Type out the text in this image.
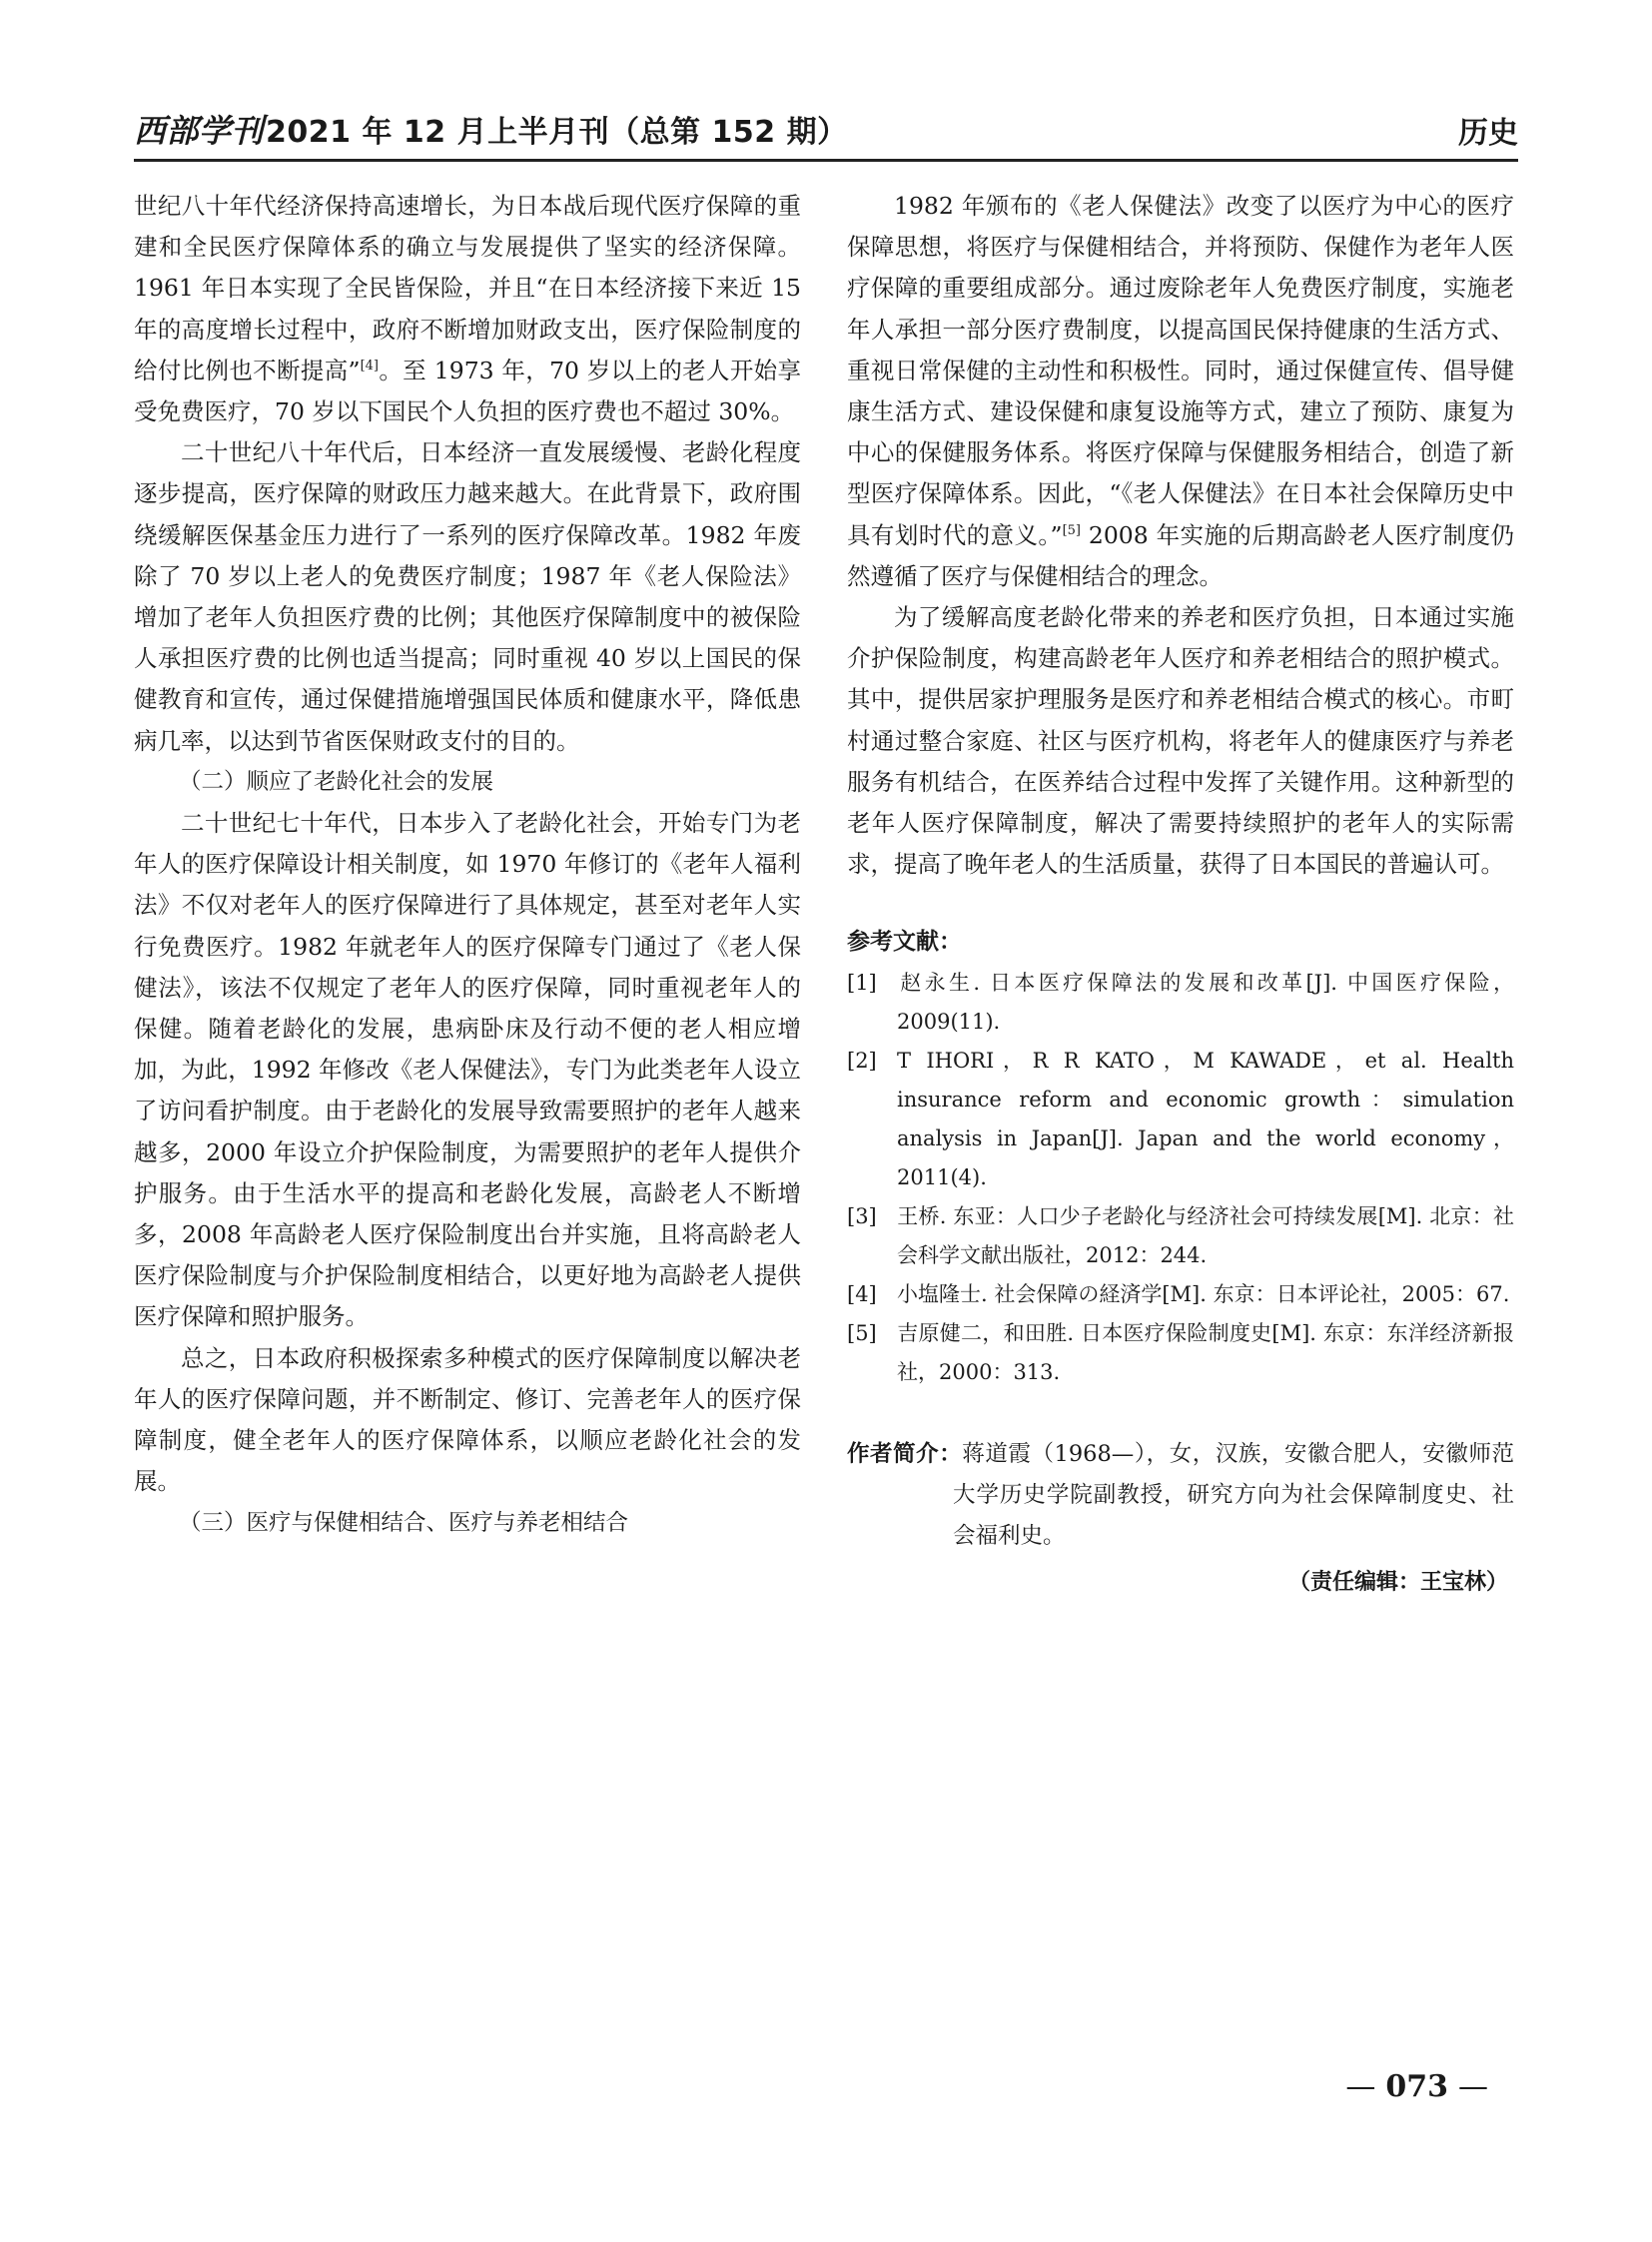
西部学刊2021 年 12 月上半月刊（总第 152 期）	历史

世纪八十年代经济保持高速增长，为日本战后现代医疗保障的重建和全民医疗保障体系的确立与发展提供了坚实的经济保障。1961 年日本实现了全民皆保险，并且“在日本经济接下来近 15 年的高度增长过程中，政府不断增加财政支出，医疗保险制度的给付比例也不断提高”[4]。至 1973 年，70 岁以上的老人开始享受免费医疗，70 岁以下国民个人负担的医疗费也不超过 30%。

二十世纪八十年代后，日本经济一直发展缓慢、老龄化程度逐步提高，医疗保障的财政压力越来越大。在此背景下，政府围绕缓解医保基金压力进行了一系列的医疗保障改革。1982 年废除了 70 岁以上老人的免费医疗制度；1987 年《老人保险法》增加了老年人负担医疗费的比例；其他医疗保障制度中的被保险人承担医疗费的比例也适当提高；同时重视 40 岁以上国民的保健教育和宣传，通过保健措施增强国民体质和健康水平，降低患病几率，以达到节省医保财政支付的目的。

（二）顺应了老龄化社会的发展

二十世纪七十年代，日本步入了老龄化社会，开始专门为老年人的医疗保障设计相关制度，如 1970 年修订的《老年人福利法》不仅对老年人的医疗保障进行了具体规定，甚至对老年人实行免费医疗。1982 年就老年人的医疗保障专门通过了《老人保健法》，该法不仅规定了老年人的医疗保障，同时重视老年人的保健。随着老龄化的发展，患病卧床及行动不便的老人相应增加，为此，1992 年修改《老人保健法》，专门为此类老年人设立了访问看护制度。由于老龄化的发展导致需要照护的老年人越来越多，2000 年设立介护保险制度，为需要照护的老年人提供介护服务。由于生活水平的提高和老龄化发展，高龄老人不断增多，2008 年高龄老人医疗保险制度出台并实施，且将高龄老人医疗保险制度与介护保险制度相结合，以更好地为高龄老人提供医疗保障和照护服务。

总之，日本政府积极探索多种模式的医疗保障制度以解决老年人的医疗保障问题，并不断制定、修订、完善老年人的医疗保障制度，健全老年人的医疗保障体系，以顺应老龄化社会的发展。

（三）医疗与保健相结合、医疗与养老相结合

1982 年颁布的《老人保健法》改变了以医疗为中心的医疗保障思想，将医疗与保健相结合，并将预防、保健作为老年人医疗保障的重要组成部分。通过废除老年人免费医疗制度，实施老年人承担一部分医疗费制度，以提高国民保持健康的生活方式、重视日常保健的主动性和积极性。同时，通过保健宣传、倡导健康生活方式、建设保健和康复设施等方式，建立了预防、康复为中心的保健服务体系。将医疗保障与保健服务相结合，创造了新型医疗保障体系。因此，“《老人保健法》在日本社会保障历史中具有划时代的意义。”[5] 2008 年实施的后期高龄老人医疗制度仍然遵循了医疗与保健相结合的理念。

为了缓解高度老龄化带来的养老和医疗负担，日本通过实施介护保险制度，构建高龄老年人医疗和养老相结合的照护模式。其中，提供居家护理服务是医疗和养老相结合模式的核心。市町村通过整合家庭、社区与医疗机构，将老年人的健康医疗与养老服务有机结合，在医养结合过程中发挥了关键作用。这种新型的老年人医疗保障制度，解决了需要持续照护的老年人的实际需求，提高了晚年老人的生活质量，获得了日本国民的普遍认可。

参考文献：
[1] 赵永生. 日本医疗保障法的发展和改革[J]. 中国医疗保险，2009(11).
[2] T IHORI，R R KATO，M KAWADE，et al. Health insurance reform and economic growth：simulation analysis in Japan[J]. Japan and the world economy，2011(4).
[3] 王桥. 东亚：人口少子老龄化与经济社会可持续发展[M]. 北京：社会科学文献出版社，2012：244.
[4] 小塩隆士. 社会保障の経済学[M]. 东京：日本评论社，2005：67.
[5] 吉原健二，和田胜. 日本医疗保险制度史[M]. 东京：东洋经济新报社，2000：313.
作者简介：蒋道霞（1968—），女，汉族，安徽合肥人，安徽师范大学历史学院副教授，研究方向为社会保障制度史、社会福利史。
（责任编辑：王宝林）
— 073 —
